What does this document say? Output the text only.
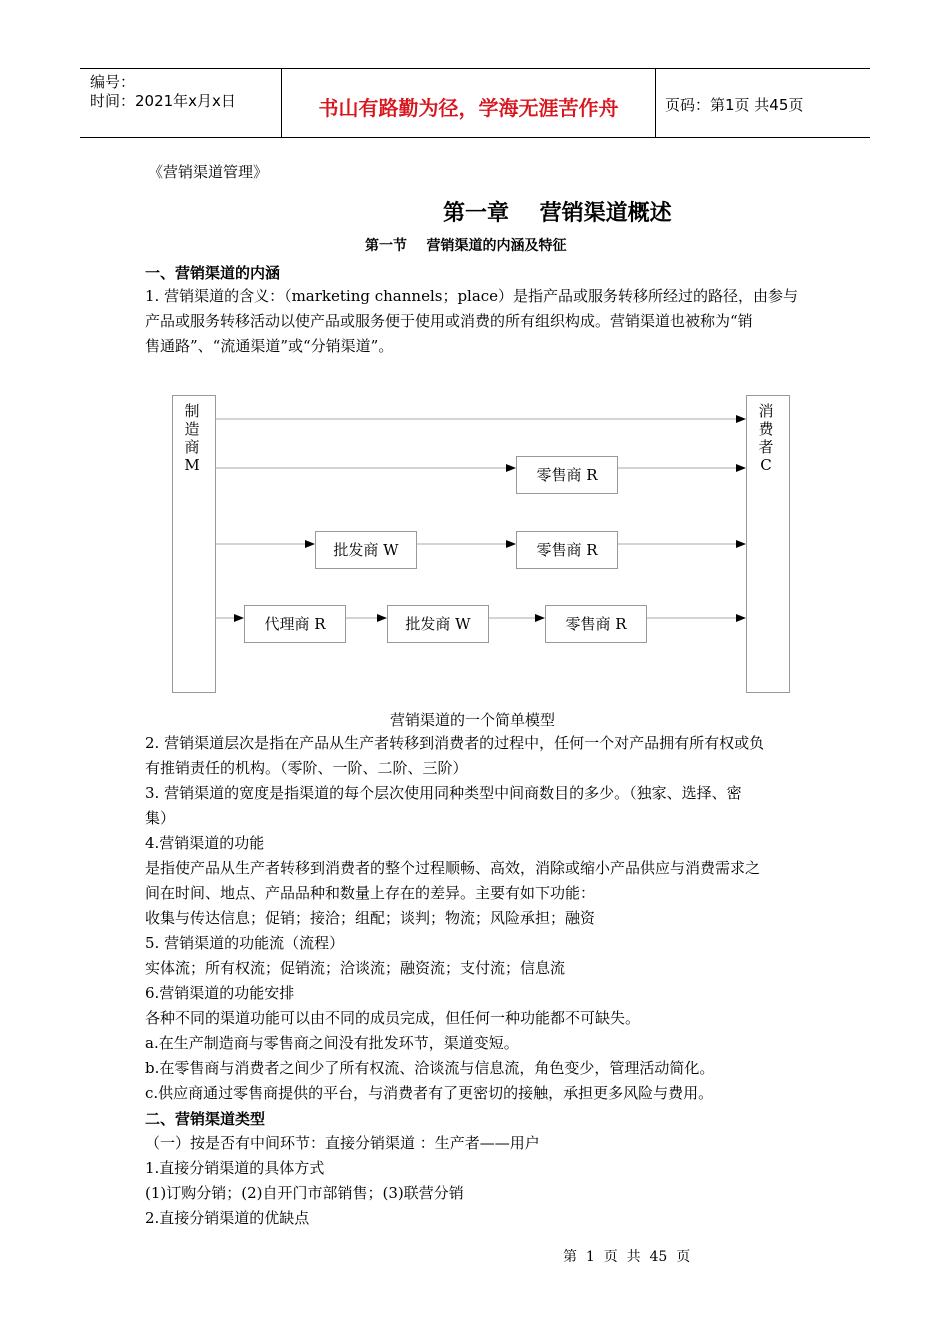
编号：
时间：2021年x月x日	书山有路勤为径，学海无涯苦作舟	页码：第1页 共45页
《营销渠道管理》
第一章    营销渠道概述
第一节    营销渠道的内涵及特征
一、营销渠道的内涵
1. 营销渠道的含义：（marketing channels；place）是指产品或服务转移所经过的路径，由参与
产品或服务转移活动以使产品或服务便于使用或消费的所有组织构成。营销渠道也被称为“销
售通路”、“流通渠道”或“分销渠道”。
制
造
商
M
消
费
者
C
零售商 R
批发商 W	零售商 R
代理商 R	批发商 W	零售商 R
营销渠道的一个简单模型
2. 营销渠道层次是指在产品从生产者转移到消费者的过程中，任何一个对产品拥有所有权或负
有推销责任的机构。（零阶、一阶、二阶、三阶）
3. 营销渠道的宽度是指渠道的每个层次使用同种类型中间商数目的多少。（独家、选择、密
集）
4.营销渠道的功能
是指使产品从生产者转移到消费者的整个过程顺畅、高效，消除或缩小产品供应与消费需求之
间在时间、地点、产品品种和数量上存在的差异。主要有如下功能：
收集与传达信息；促销；接洽；组配；谈判；物流；风险承担；融资
5. 营销渠道的功能流（流程）
实体流；所有权流；促销流；洽谈流；融资流；支付流；信息流
6.营销渠道的功能安排
各种不同的渠道功能可以由不同的成员完成，但任何一种功能都不可缺失。
a.在生产制造商与零售商之间没有批发环节，渠道变短。
b.在零售商与消费者之间少了所有权流、洽谈流与信息流，角色变少，管理活动简化。
c.供应商通过零售商提供的平台，与消费者有了更密切的接触，承担更多风险与费用。
二、营销渠道类型
（一）按是否有中间环节：直接分销渠道 ：生产者——用户
1.直接分销渠道的具体方式
(1)订购分销；(2)自开门市部销售；(3)联营分销
2.直接分销渠道的优缺点
第  1  页  共  45  页
